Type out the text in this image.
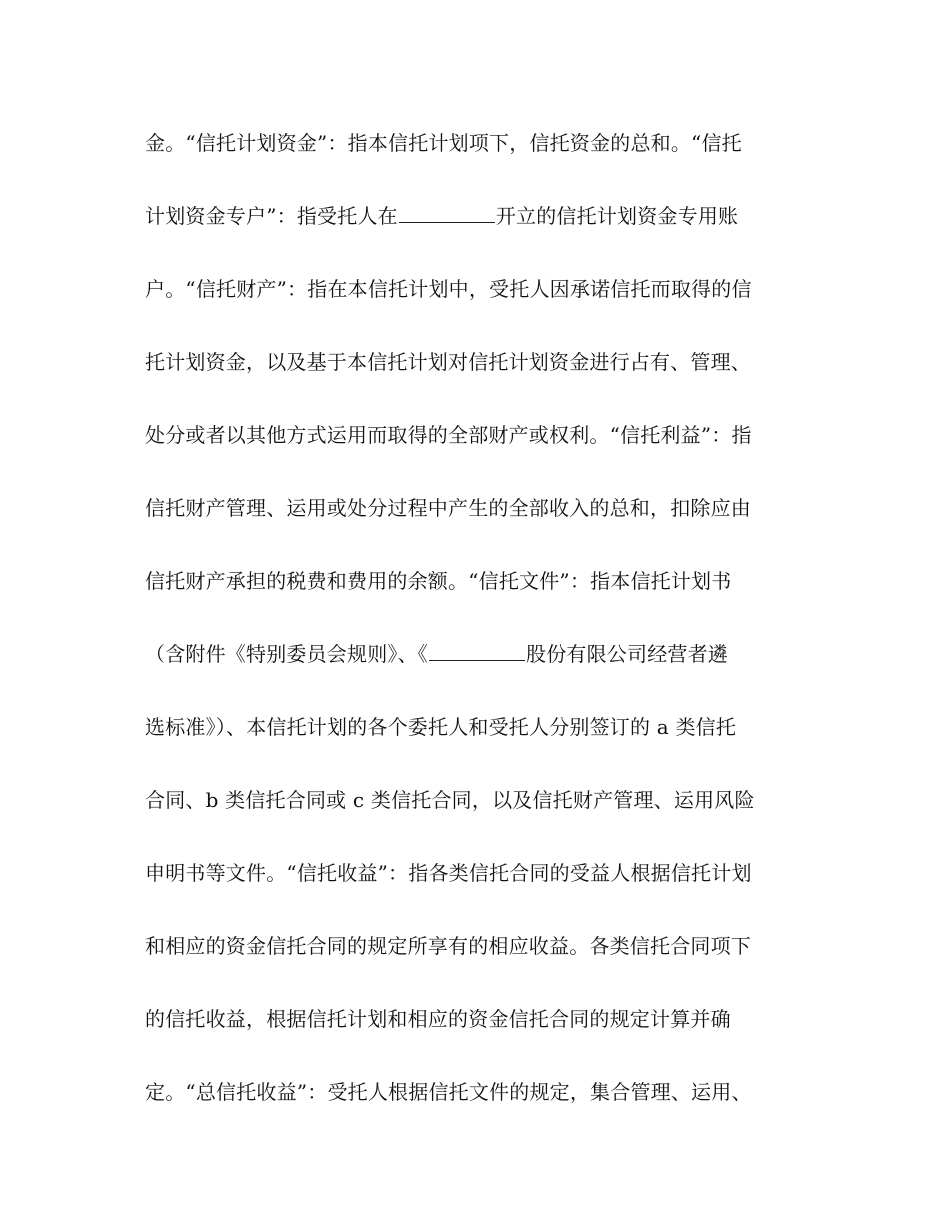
金。“信托计划资金”：指本信托计划项下，信托资金的总和。“信托
计划资金专户”：指受托人在	开立的信托计划资金专用账
户。“信托财产”：指在本信托计划中，受托人因承诺信托而取得的信
托计划资金，以及基于本信托计划对信托计划资金进行占有、管理、
处分或者以其他方式运用而取得的全部财产或权利。“信托利益”：指
信托财产管理、运用或处分过程中产生的全部收入的总和，扣除应由
信托财产承担的税费和费用的余额。“信托文件”：指本信托计划书
（含附件《特别委员会规则》、《	股份有限公司经营者遴
选标准》）、本信托计划的各个委托人和受托人分别签订的 a 类信托
合同、b 类信托合同或 c 类信托合同，以及信托财产管理、运用风险
申明书等文件。“信托收益”：指各类信托合同的受益人根据信托计划
和相应的资金信托合同的规定所享有的相应收益。各类信托合同项下
的信托收益，根据信托计划和相应的资金信托合同的规定计算并确
定。“总信托收益”：受托人根据信托文件的规定，集合管理、运用、
